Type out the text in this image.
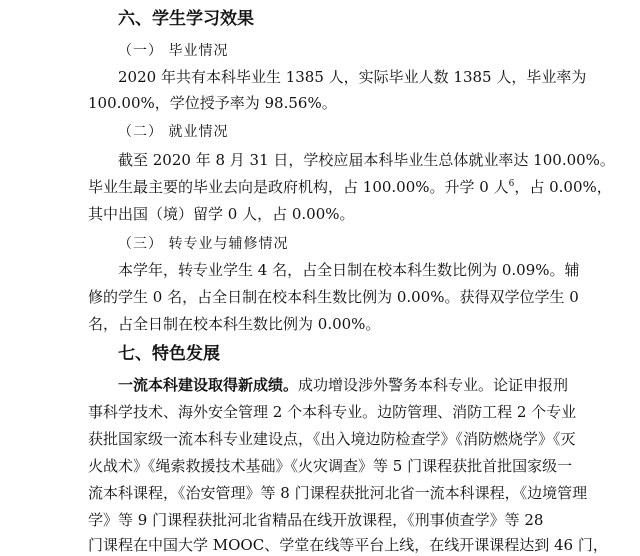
六、学生学习效果
（一） 毕业情况
2020 年共有本科毕业生 1385 人，实际毕业人数 1385 人，毕业率为
100.00%，学位授予率为 98.56%。
（二） 就业情况
截至 2020 年 8 月 31 日，学校应届本科毕业生总体就业率达 100.00%。
毕业生最主要的毕业去向是政府机构，占 100.00%。升学 0 人$^6$，占 0.00%，
其中出国（境）留学 0 人，占 0.00%。
（三） 转专业与辅修情况
本学年，转专业学生 4 名，占全日制在校本科生数比例为 0.09%。辅
修的学生 0 名，占全日制在校本科生数比例为 0.00%。获得双学位学生 0
名，占全日制在校本科生数比例为 0.00%。
七、特色发展
一流本科建设取得新成绩。成功增设涉外警务本科专业。论证申报刑
事科学技术、海外安全管理 2 个本科专业。边防管理、消防工程 2 个专业
获批国家级一流本科专业建设点，《出入境边防检查学》《消防燃烧学》《灭
火战术》《绳索救援技术基础》《火灾调查》等 5 门课程获批首批国家级一
流本科课程，《治安管理》等 8 门课程获批河北省一流本科课程，《边境管理
学》等 9 门课程获批河北省精品在线开放课程，《刑事侦查学》等 28
门课程在中国大学 MOOC、学堂在线等平台上线，在线开课课程达到 46 门，
